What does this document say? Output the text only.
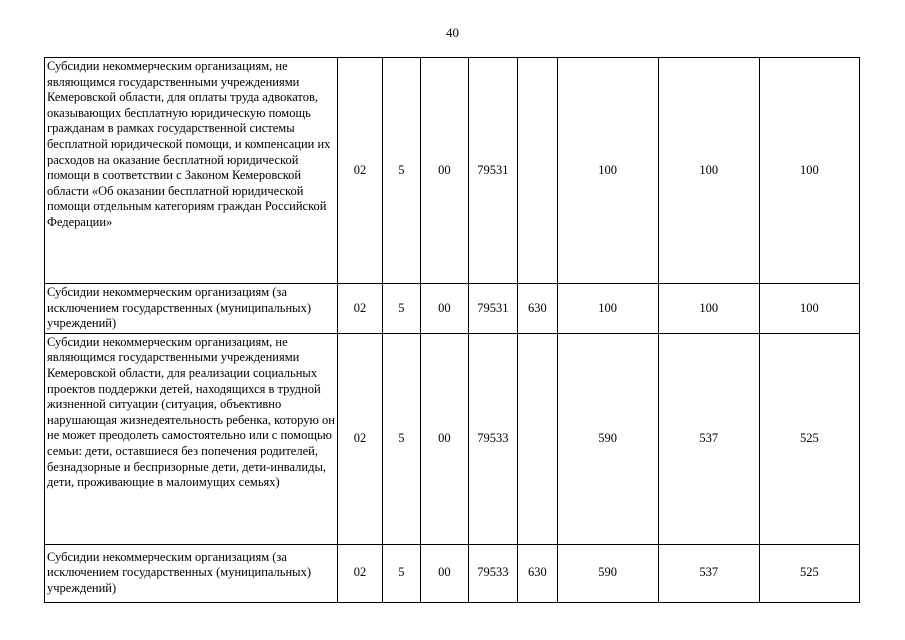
40
Субсидии некоммерческим организациям, не являющимся государственными учреждениями Кемеровской области, для оплаты труда адвокатов, оказывающих бесплатную юридическую помощь гражданам в рамках государственной системы бесплатной юридической помощи, и компенсации их расходов на оказание бесплатной юридической помощи в соответствии с Законом Кемеровской области «Об оказании бесплатной юридической помощи отдельным категориям граждан Российской Федерации»	02	5	00	79531		100	100	100
Субсидии некоммерческим организациям (за исключением государственных (муниципальных) учреждений)	02	5	00	79531	630	100	100	100
Субсидии некоммерческим организациям, не являющимся государственными учреждениями Кемеровской области, для реализации социальных проектов поддержки детей, находящихся в трудной жизненной ситуации (ситуация, объективно нарушающая жизнедеятельность ребенка, которую он не может преодолеть самостоятельно или с помощью семьи: дети, оставшиеся без попечения родителей, безнадзорные и беспризорные дети, дети-инвалиды, дети, проживающие в малоимущих семьях)	02	5	00	79533		590	537	525
Субсидии некоммерческим организациям (за исключением государственных (муниципальных) учреждений)	02	5	00	79533	630	590	537	525
